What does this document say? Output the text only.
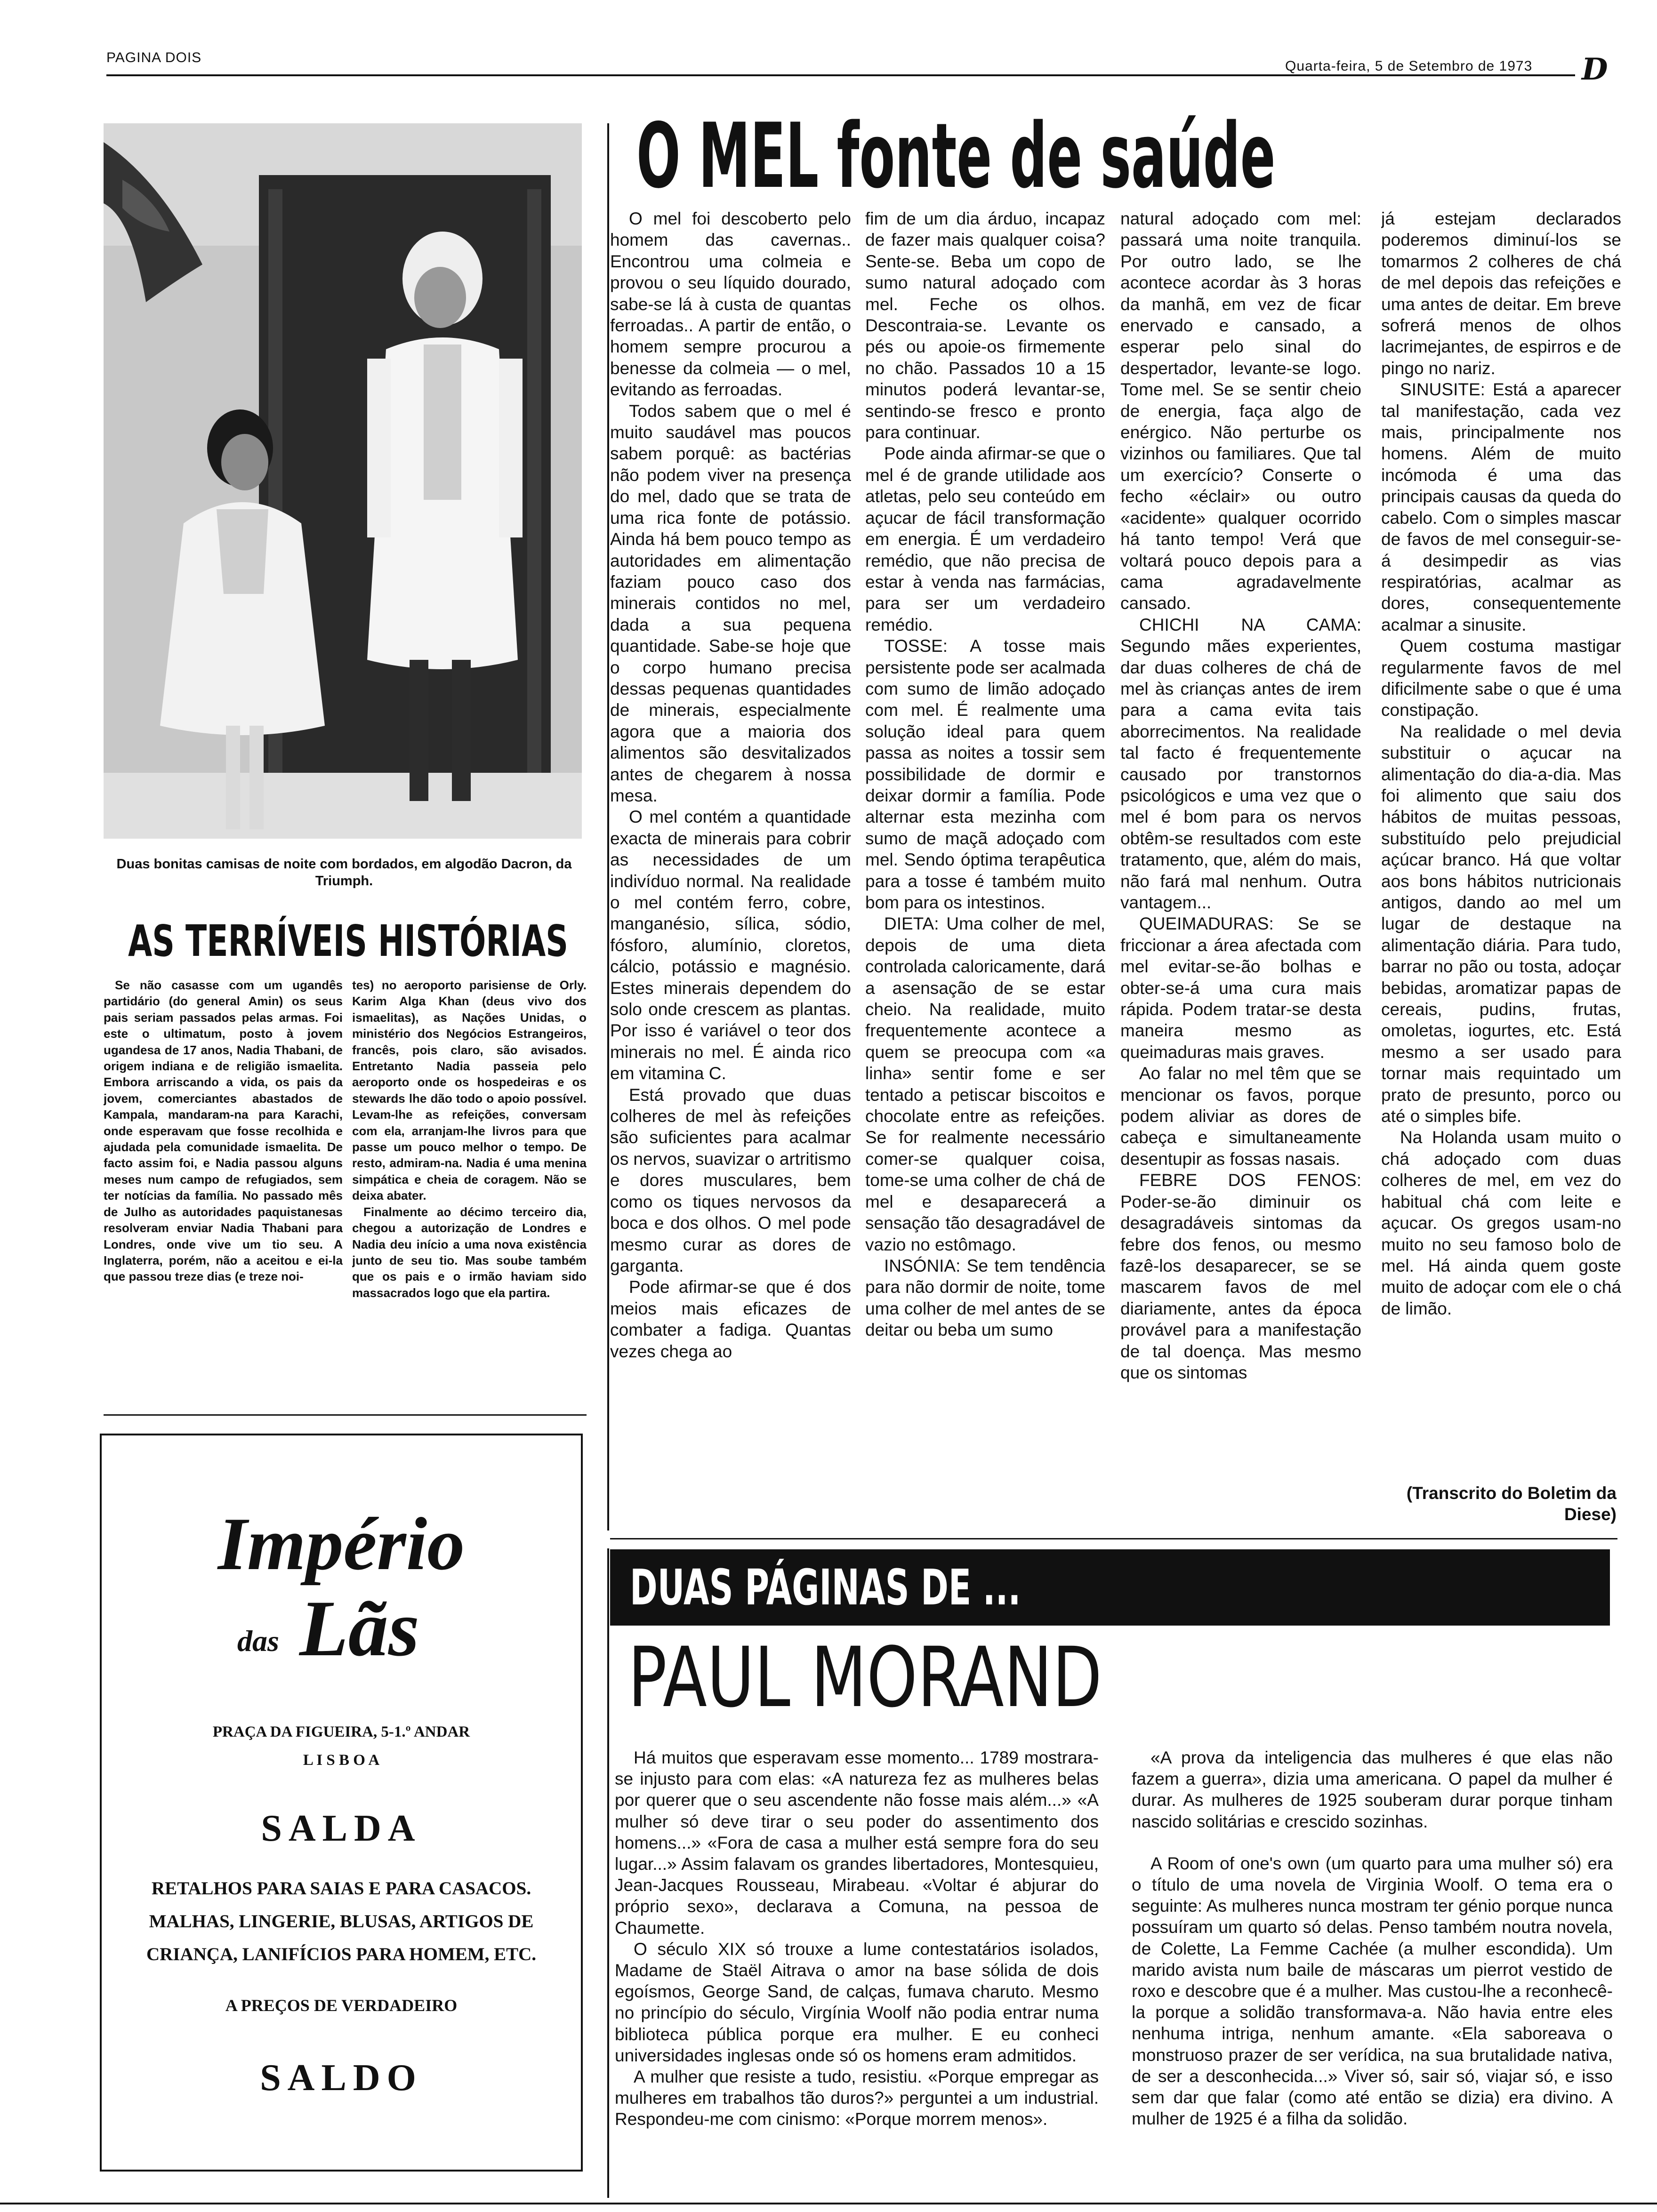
PAGINA DOIS
Quarta-feira, 5 de Setembro de 1973 D
Duas bonitas camisas de noite com bordados, em algodão Dacron, da Triumph.
AS TERRÍVEIS HISTÓRIAS

Se não casasse com um ugandês partidário (do general Amin) os seus pais seriam passados pelas armas. Foi este o ultimatum, posto à jovem ugandesa de 17 anos, Nadia Thabani, de origem indiana e de religião ismaelita. Embora arriscando a vida, os pais da jovem, comerciantes abastados de Kampala, mandaram-na para Karachi, onde esperavam que fosse recolhida e ajudada pela comunidade ismaelita. De facto assim foi, e Nadia passou alguns meses num campo de refugiados, sem ter notícias da família. No passado mês de Julho as autoridades paquistanesas resolveram enviar Nadia Thabani para Londres, onde vive um tio seu. A Inglaterra, porém, não a aceitou e ei-la que passou treze dias (e treze noi-

tes) no aeroporto parisiense de Orly. Karim Alga Khan (deus vivo dos ismaelitas), as Nações Unidas, o ministério dos Negócios Estrangeiros, francês, pois claro, são avisados. Entretanto Nadia passeia pelo aeroporto onde os hospedeiras e os stewards lhe dão todo o apoio possível. Levam-lhe as refeições, conversam com ela, arranjam-lhe livros para que passe um pouco melhor o tempo. De resto, admiram-na. Nadia é uma menina simpática e cheia de coragem. Não se deixa abater.

Finalmente ao décimo terceiro dia, chegou a autorização de Londres e Nadia deu início a uma nova existência junto de seu tio. Mas soube também que os pais e o irmão haviam sido massacrados logo que ela partira.

Império
das Lãs
PRAÇA DA FIGUEIRA, 5-1.º ANDAR
L I S B O A
SALDA
RETALHOS PARA SAIAS E PARA CASACOS.
MALHAS, LINGERIE, BLUSAS, ARTIGOS DE
CRIANÇA, LANIFÍCIOS PARA HOMEM, ETC.
A PREÇOS DE VERDADEIRO
SALDO
O MEL fonte de saúde

O mel foi descoberto pelo homem das cavernas.. Encontrou uma colmeia e provou o seu líquido dourado, sabe-se lá à custa de quantas ferroadas.. A partir de então, o homem sempre procurou a benesse da colmeia — o mel, evitando as ferroadas.

Todos sabem que o mel é muito saudável mas poucos sabem porquê: as bactérias não podem viver na presença do mel, dado que se trata de uma rica fonte de potássio. Ainda há bem pouco tempo as autoridades em alimentação faziam pouco caso dos minerais contidos no mel, dada a sua pequena quantidade. Sabe-se hoje que o corpo humano precisa dessas pequenas quantidades de minerais, especialmente agora que a maioria dos alimentos são desvitalizados antes de chegarem à nossa mesa.

O mel contém a quantidade exacta de minerais para cobrir as necessidades de um indivíduo normal. Na realidade o mel contém ferro, cobre, manganésio, sílica, sódio, fósforo, alumínio, cloretos, cálcio, potássio e magnésio. Estes minerais dependem do solo onde crescem as plantas. Por isso é variável o teor dos minerais no mel. É ainda rico em vitamina C.

Está provado que duas colheres de mel às refeições são suficientes para acalmar os nervos, suavizar o artritismo e dores musculares, bem como os tiques nervosos da boca e dos olhos. O mel pode mesmo curar as dores de garganta.

Pode afirmar-se que é dos meios mais eficazes de combater a fadiga. Quantas vezes chega ao

fim de um dia árduo, incapaz de fazer mais qualquer coisa? Sente-se. Beba um copo de sumo natural adoçado com mel. Feche os olhos. Descontraia-se. Levante os pés ou apoie-os firmemente no chão. Passados 10 a 15 minutos poderá levantar-se, sentindo-se fresco e pronto para continuar.

Pode ainda afirmar-se que o mel é de grande utilidade aos atletas, pelo seu conteúdo em açucar de fácil transformação em energia. É um verdadeiro remédio, que não precisa de estar à venda nas farmácias, para ser um verdadeiro remédio.

TOSSE: A tosse mais persistente pode ser acalmada com sumo de limão adoçado com mel. É realmente uma solução ideal para quem passa as noites a tossir sem possibilidade de dormir e deixar dormir a família. Pode alternar esta mezinha com sumo de maçã adoçado com mel. Sendo óptima terapêutica para a tosse é também muito bom para os intestinos.

DIETA: Uma colher de mel, depois de uma dieta controlada caloricamente, dará a asensação de se estar cheio. Na realidade, muito frequentemente acontece a quem se preocupa com «a linha» sentir fome e ser tentado a petiscar biscoitos e chocolate entre as refeições. Se for realmente necessário comer-se qualquer coisa, tome-se uma colher de chá de mel e desaparecerá a sensação tão desagradável de vazio no estômago.

INSÓNIA: Se tem tendência para não dormir de noite, tome uma colher de mel antes de se deitar ou beba um sumo

natural adoçado com mel: passará uma noite tranquila. Por outro lado, se lhe acontece acordar às 3 horas da manhã, em vez de ficar enervado e cansado, a esperar pelo sinal do despertador, levante-se logo. Tome mel. Se se sentir cheio de energia, faça algo de enérgico. Não perturbe os vizinhos ou familiares. Que tal um exercício? Conserte o fecho «éclair» ou outro «acidente» qualquer ocorrido há tanto tempo! Verá que voltará pouco depois para a cama agradavelmente cansado.

CHICHI NA CAMA: Segundo mães experientes, dar duas colheres de chá de mel às crianças antes de irem para a cama evita tais aborrecimentos. Na realidade tal facto é frequentemente causado por transtornos psicológicos e uma vez que o mel é bom para os nervos obtêm-se resultados com este tratamento, que, além do mais, não fará mal nenhum. Outra vantagem...

QUEIMADURAS: Se se friccionar a área afectada com mel evitar-se-ão bolhas e obter-se-á uma cura mais rápida. Podem tratar-se desta maneira mesmo as queimaduras mais graves.

Ao falar no mel têm que se mencionar os favos, porque podem aliviar as dores de cabeça e simultaneamente desentupir as fossas nasais.

FEBRE DOS FENOS: Poder-se-ão diminuir os desagradáveis sintomas da febre dos fenos, ou mesmo fazê-los desaparecer, se se mascarem favos de mel diariamente, antes da época provável para a manifestação de tal doença. Mas mesmo que os sintomas

já estejam declarados poderemos diminuí-los se tomarmos 2 colheres de chá de mel depois das refeições e uma antes de deitar. Em breve sofrerá menos de olhos lacrimejantes, de espirros e de pingo no nariz.

SINUSITE: Está a aparecer tal manifestação, cada vez mais, principalmente nos homens. Além de muito incómoda é uma das principais causas da queda do cabelo. Com o simples mascar de favos de mel conseguir-se-á desimpedir as vias respiratórias, acalmar as dores, consequentemente acalmar a sinusite.

Quem costuma mastigar regularmente favos de mel dificilmente sabe o que é uma constipação.

Na realidade o mel devia substituir o açucar na alimentação do dia-a-dia. Mas foi alimento que saiu dos hábitos de muitas pessoas, substituído pelo prejudicial açúcar branco. Há que voltar aos bons hábitos nutricionais antigos, dando ao mel um lugar de destaque na alimentação diária. Para tudo, barrar no pão ou tosta, adoçar bebidas, aromatizar papas de cereais, pudins, frutas, omoletas, iogurtes, etc. Está mesmo a ser usado para tornar mais requintado um prato de presunto, porco ou até o simples bife.

Na Holanda usam muito o chá adoçado com duas colheres de mel, em vez do habitual chá com leite e açucar. Os gregos usam-no muito no seu famoso bolo de mel. Há ainda quem goste muito de adoçar com ele o chá de limão.

(Transcrito do Boletim da Diese)
DUAS PÁGINAS DE ...
PAUL MORAND

Há muitos que esperavam esse momento... 1789 mostrara-se injusto para com elas: «A natureza fez as mulheres belas por querer que o seu ascendente não fosse mais além...» «A mulher só deve tirar o seu poder do assentimento dos homens...» «Fora de casa a mulher está sempre fora do seu lugar...» Assim falavam os grandes libertadores, Montesquieu, Jean-Jacques Rousseau, Mirabeau. «Voltar é abjurar do próprio sexo», declarava a Comuna, na pessoa de Chaumette.

O século XIX só trouxe a lume contestatários isolados, Madame de Staël Aitrava o amor na base sólida de dois egoísmos, George Sand, de calças, fumava charuto. Mesmo no princípio do século, Virgínia Woolf não podia entrar numa biblioteca pública porque era mulher. E eu conheci universidades inglesas onde só os homens eram admitidos.

A mulher que resiste a tudo, resistiu. «Porque empregar as mulheres em trabalhos tão duros?» perguntei a um industrial. Respondeu-me com cinismo: «Porque morrem menos».

«A prova da inteligencia das mulheres é que elas não fazem a guerra», dizia uma americana. O papel da mulher é durar. As mulheres de 1925 souberam durar porque tinham nascido solitárias e crescido sozinhas.

A Room of one's own (um quarto para uma mulher só) era o título de uma novela de Virginia Woolf. O tema era o seguinte: As mulheres nunca mostram ter génio porque nunca possuíram um quarto só delas. Penso também noutra novela, de Colette, La Femme Cachée (a mulher escondida). Um marido avista num baile de máscaras um pierrot vestido de roxo e descobre que é a mulher. Mas custou-lhe a reconhecê-la porque a solidão transformava-a. Não havia entre eles nenhuma intriga, nenhum amante. «Ela saboreava o monstruoso prazer de ser verídica, na sua brutalidade nativa, de ser a desconhecida...» Viver só, sair só, viajar só, e isso sem dar que falar (como até então se dizia) era divino. A mulher de 1925 é a filha da solidão.
